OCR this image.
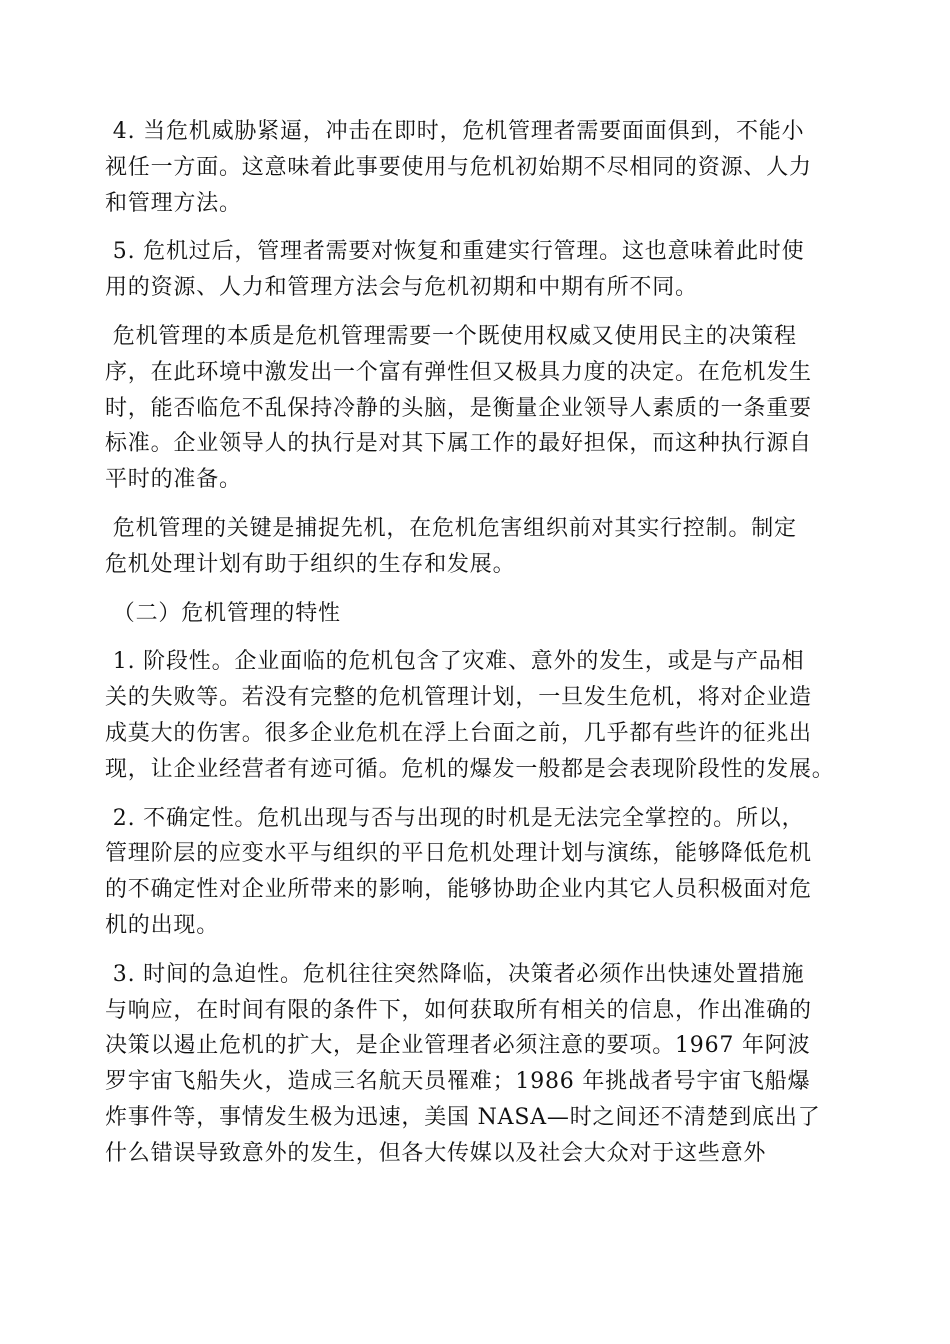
4. 当危机威胁紧逼，冲击在即时，危机管理者需要面面俱到，不能小
视任一方面。这意味着此事要使用与危机初始期不尽相同的资源、人力
和管理方法。
5. 危机过后，管理者需要对恢复和重建实行管理。这也意味着此时使
用的资源、人力和管理方法会与危机初期和中期有所不同。
危机管理的本质是危机管理需要一个既使用权威又使用民主的决策程
序，在此环境中激发出一个富有弹性但又极具力度的决定。在危机发生
时，能否临危不乱保持冷静的头脑，是衡量企业领导人素质的一条重要
标准。企业领导人的执行是对其下属工作的最好担保，而这种执行源自
平时的准备。
危机管理的关键是捕捉先机，在危机危害组织前对其实行控制。制定
危机处理计划有助于组织的生存和发展。
（二）危机管理的特性
1. 阶段性。企业面临的危机包含了灾难、意外的发生，或是与产品相
关的失败等。若没有完整的危机管理计划，一旦发生危机，将对企业造
成莫大的伤害。很多企业危机在浮上台面之前，几乎都有些许的征兆出
现，让企业经营者有迹可循。危机的爆发一般都是会表现阶段性的发展。
2. 不确定性。危机出现与否与出现的时机是无法完全掌控的。所以，
管理阶层的应变水平与组织的平日危机处理计划与演练，能够降低危机
的不确定性对企业所带来的影响，能够协助企业内其它人员积极面对危
机的出现。
3. 时间的急迫性。危机往往突然降临，决策者必须作出快速处置措施
与响应，在时间有限的条件下，如何获取所有相关的信息，作出准确的
决策以遏止危机的扩大，是企业管理者必须注意的要项。1967 年阿波
罗宇宙飞船失火，造成三名航天员罹难；1986 年挑战者号宇宙飞船爆
炸事件等，事情发生极为迅速，美国 NASA—时之间还不清楚到底出了
什么错误导致意外的发生，但各大传媒以及社会大众对于这些意外
